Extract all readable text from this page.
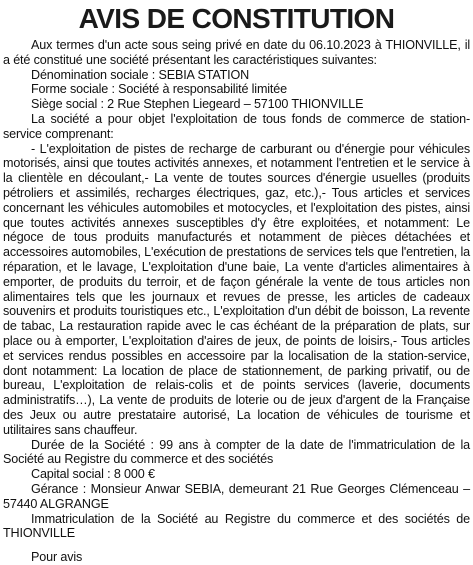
AVIS DE CONSTITUTION

Aux termes d'un acte sous seing privé en date du 06.10.2023 à THIONVILLE, il a été constitué une société présentant les caractéristiques suivantes:

Dénomination sociale : SEBIA STATION

Forme sociale : Société à responsabilité limitée

Siège social : 2 Rue Stephen Liegeard – 57100 THIONVILLE

La société a pour objet l'exploitation de tous fonds de commerce de station-service comprenant:

- L'exploitation de pistes de recharge de carburant ou d'énergie pour véhicules motorisés, ainsi que toutes activités annexes, et notamment l'entretien et le service à la clientèle en découlant,- La vente de toutes sources d'énergie usuelles (produits pétroliers et assimilés, recharges électriques, gaz, etc.),- Tous articles et services concernant les véhicules automobiles et motocycles, et l'exploitation des pistes, ainsi que toutes activités annexes susceptibles d'y être exploitées, et notamment: Le négoce de tous produits manufacturés et notamment de pièces détachées et accessoires automobiles, L'exécution de prestations de services tels que l'entretien, la réparation, et le lavage, L'exploitation d'une baie, La vente d'articles alimentaires à emporter, de produits du terroir, et de façon générale la vente de tous articles non alimentaires tels que les journaux et revues de presse, les articles de cadeaux souvenirs et produits touristiques etc., L'exploitation d'un débit de boisson, La revente de tabac, La restauration rapide avec le cas échéant de la préparation de plats, sur place ou à emporter, L'exploitation d'aires de jeux, de points de loisirs,- Tous articles et services rendus possibles en accessoire par la localisation de la station-service, dont notamment: La location de place de stationnement, de parking privatif, ou de bureau, L'exploitation de relais-colis et de points services (laverie, documents administratifs…), La vente de produits de loterie ou de jeux d'argent de la Française des Jeux ou autre prestataire autorisé, La location de véhicules de tourisme et utilitaires sans chauffeur.

Durée de la Société : 99 ans à compter de la date de l'immatriculation de la Société au Registre du commerce et des sociétés

Capital social : 8 000 €

Gérance : Monsieur Anwar SEBIA, demeurant 21 Rue Georges Clémenceau – 57440 ALGRANGE

Immatriculation de la Société au Registre du commerce et des sociétés de THIONVILLE

Pour avis
